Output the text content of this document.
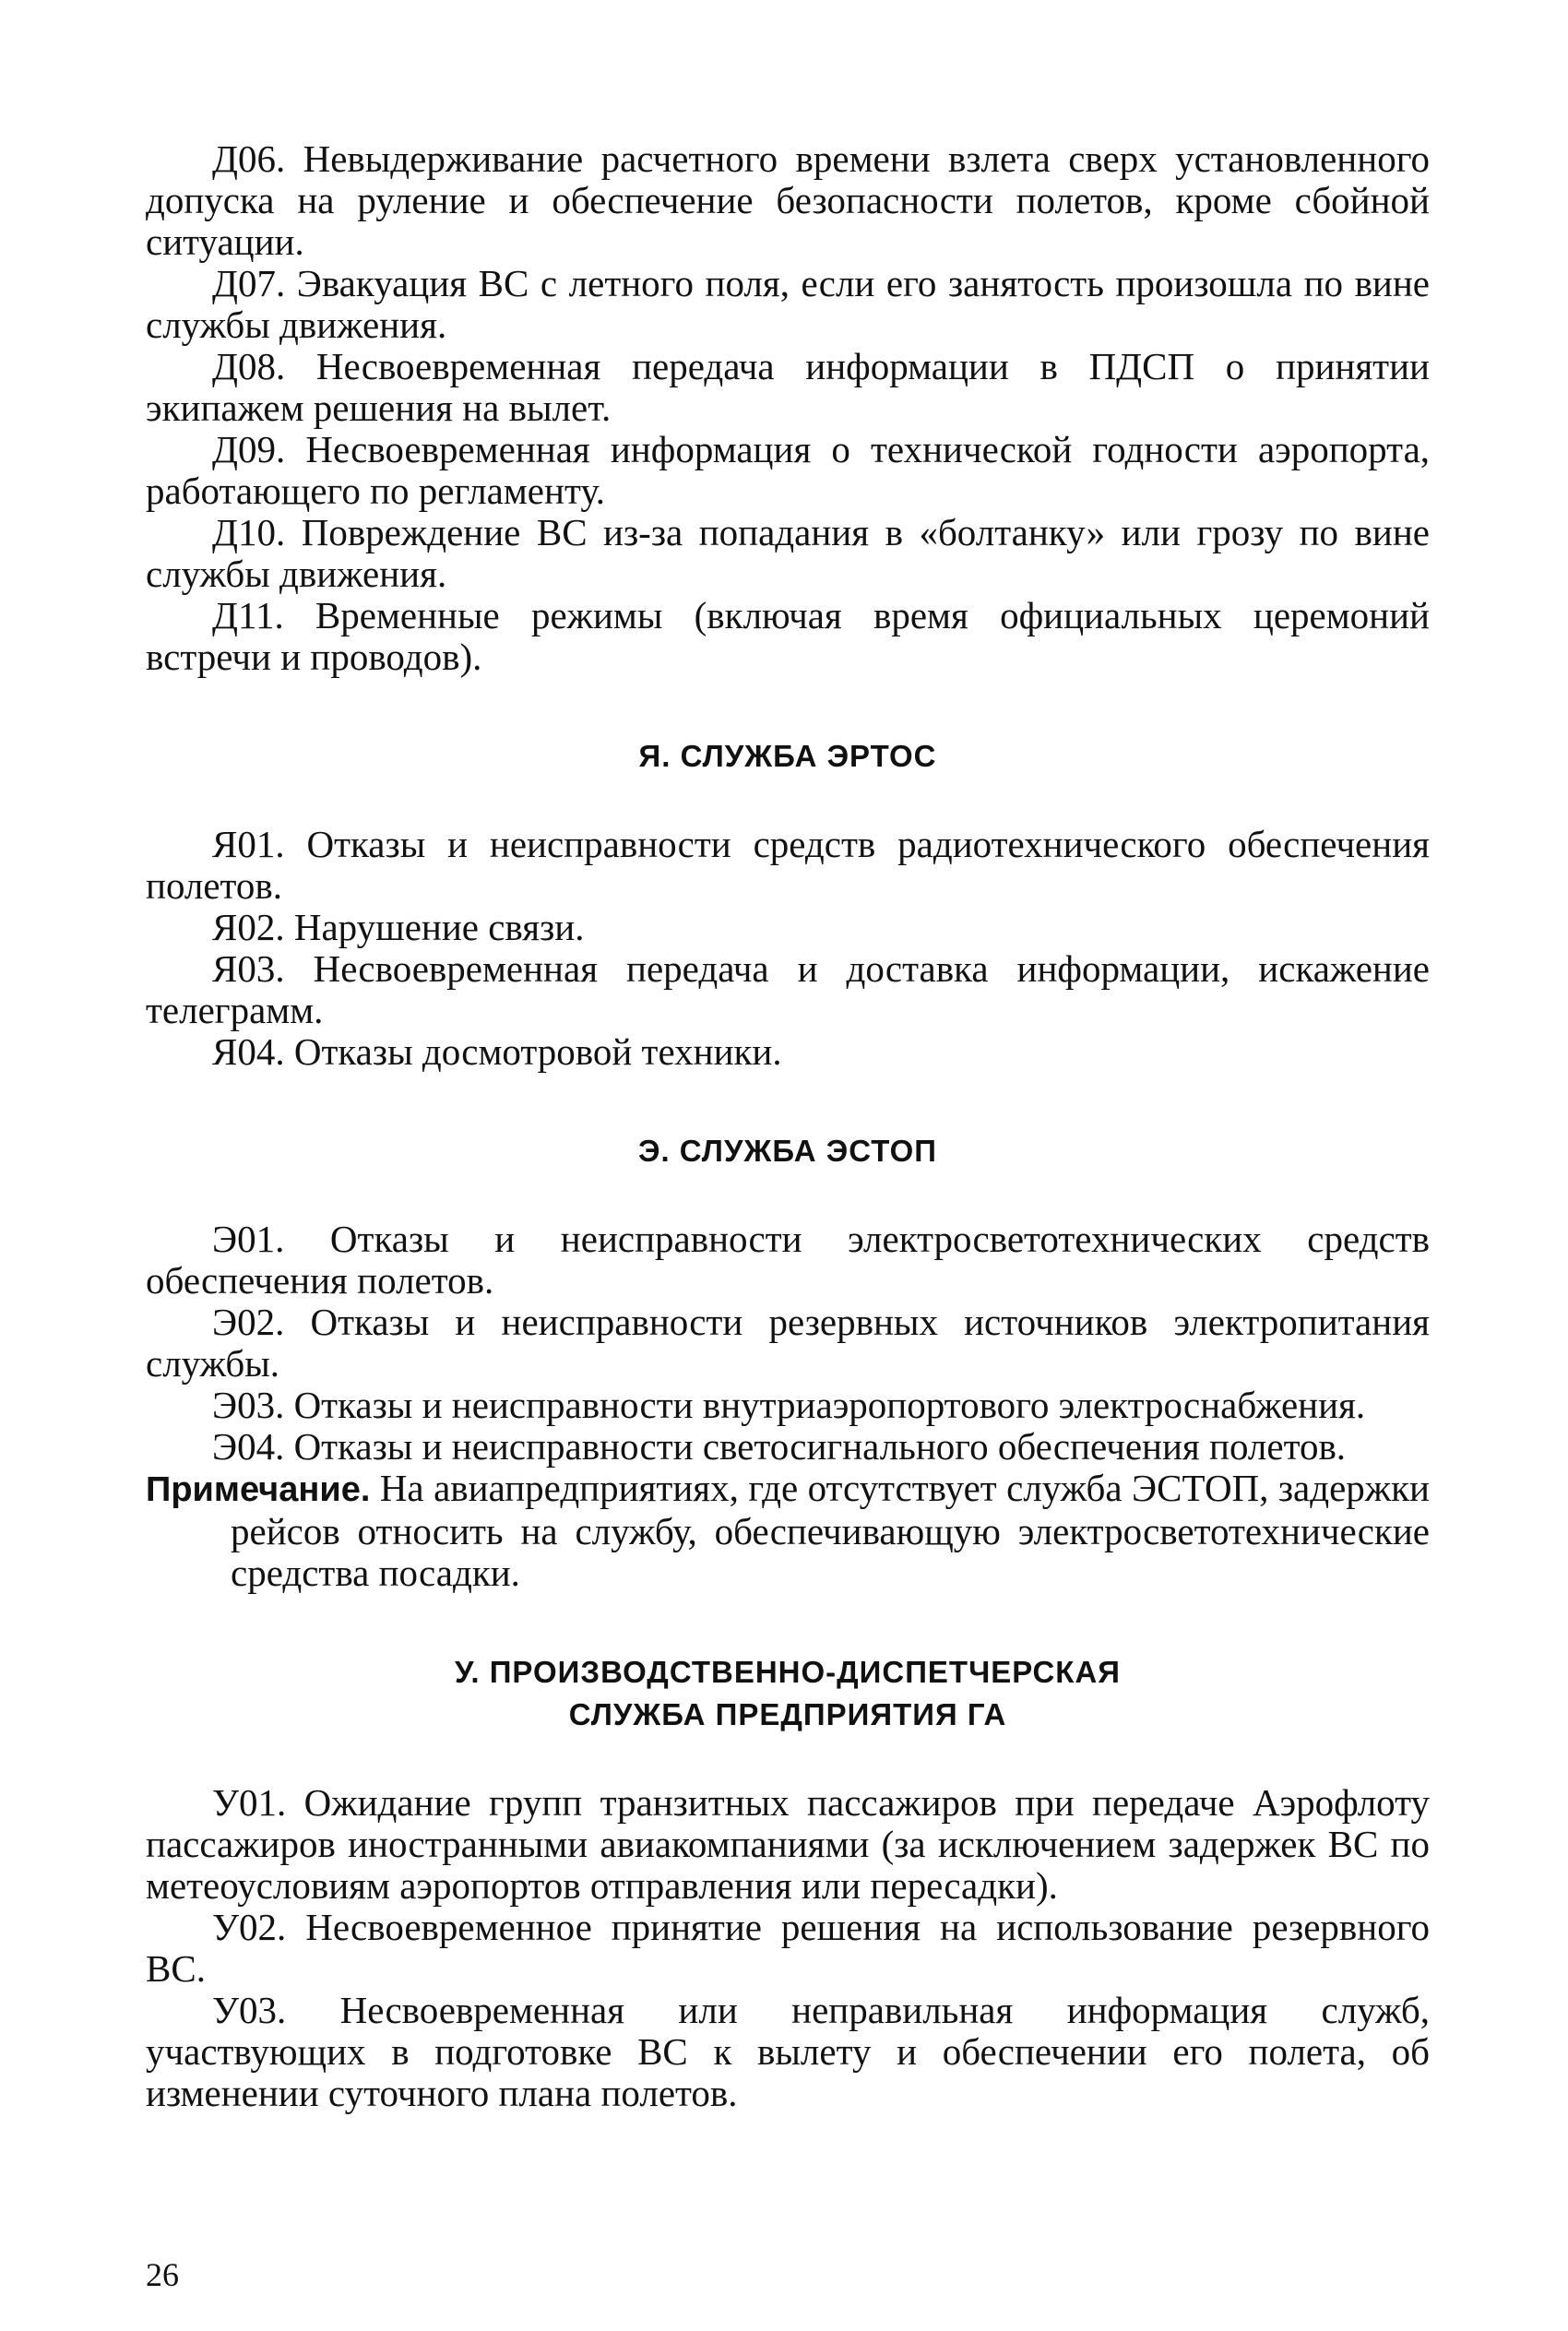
Д06. Невыдерживание расчетного времени взлета сверх установленного допуска на руление и обеспечение безопасности полетов, кроме сбойной ситуации.

Д07. Эвакуация ВС с летного поля, если его занятость произошла по вине службы движения.

Д08. Несвоевременная передача информации в ПДСП о принятии экипажем решения на вылет.

Д09. Несвоевременная информация о технической годности аэропорта, работающего по регламенту.

Д10. Повреждение ВС из-за попадания в «болтанку» или грозу по вине службы движения.

Д11. Временные режимы (включая время официальных церемоний встречи и проводов).

Я. СЛУЖБА ЭРТОС

Я01. Отказы и неисправности средств радиотехнического обеспечения полетов.

Я02. Нарушение связи.

Я03. Несвоевременная передача и доставка информации, искажение телеграмм.

Я04. Отказы досмотровой техники.

Э. СЛУЖБА ЭСТОП

Э01. Отказы и неисправности электросветотехнических средств обеспечения полетов.

Э02. Отказы и неисправности резервных источников электропитания службы.

Э03. Отказы и неисправности внутриаэропортового электроснабжения.

Э04. Отказы и неисправности светосигнального обеспечения полетов.

Примечание. На авиапредприятиях, где отсутствует служба ЭСТОП, задержки рейсов относить на службу, обеспечивающую электросветотехнические средства посадки.

У. ПРОИЗВОДСТВЕННО-ДИСПЕТЧЕРСКАЯ
СЛУЖБА ПРЕДПРИЯТИЯ ГА

У01. Ожидание групп транзитных пассажиров при передаче Аэрофлоту пассажиров иностранными авиакомпаниями (за исключением задержек ВС по метеоусловиям аэропортов отправления или пересадки).

У02. Несвоевременное принятие решения на использование резервного ВС.

У03. Несвоевременная или неправильная информация служб, участвующих в подготовке ВС к вылету и обеспечении его полета, об изменении суточного плана полетов.

26
